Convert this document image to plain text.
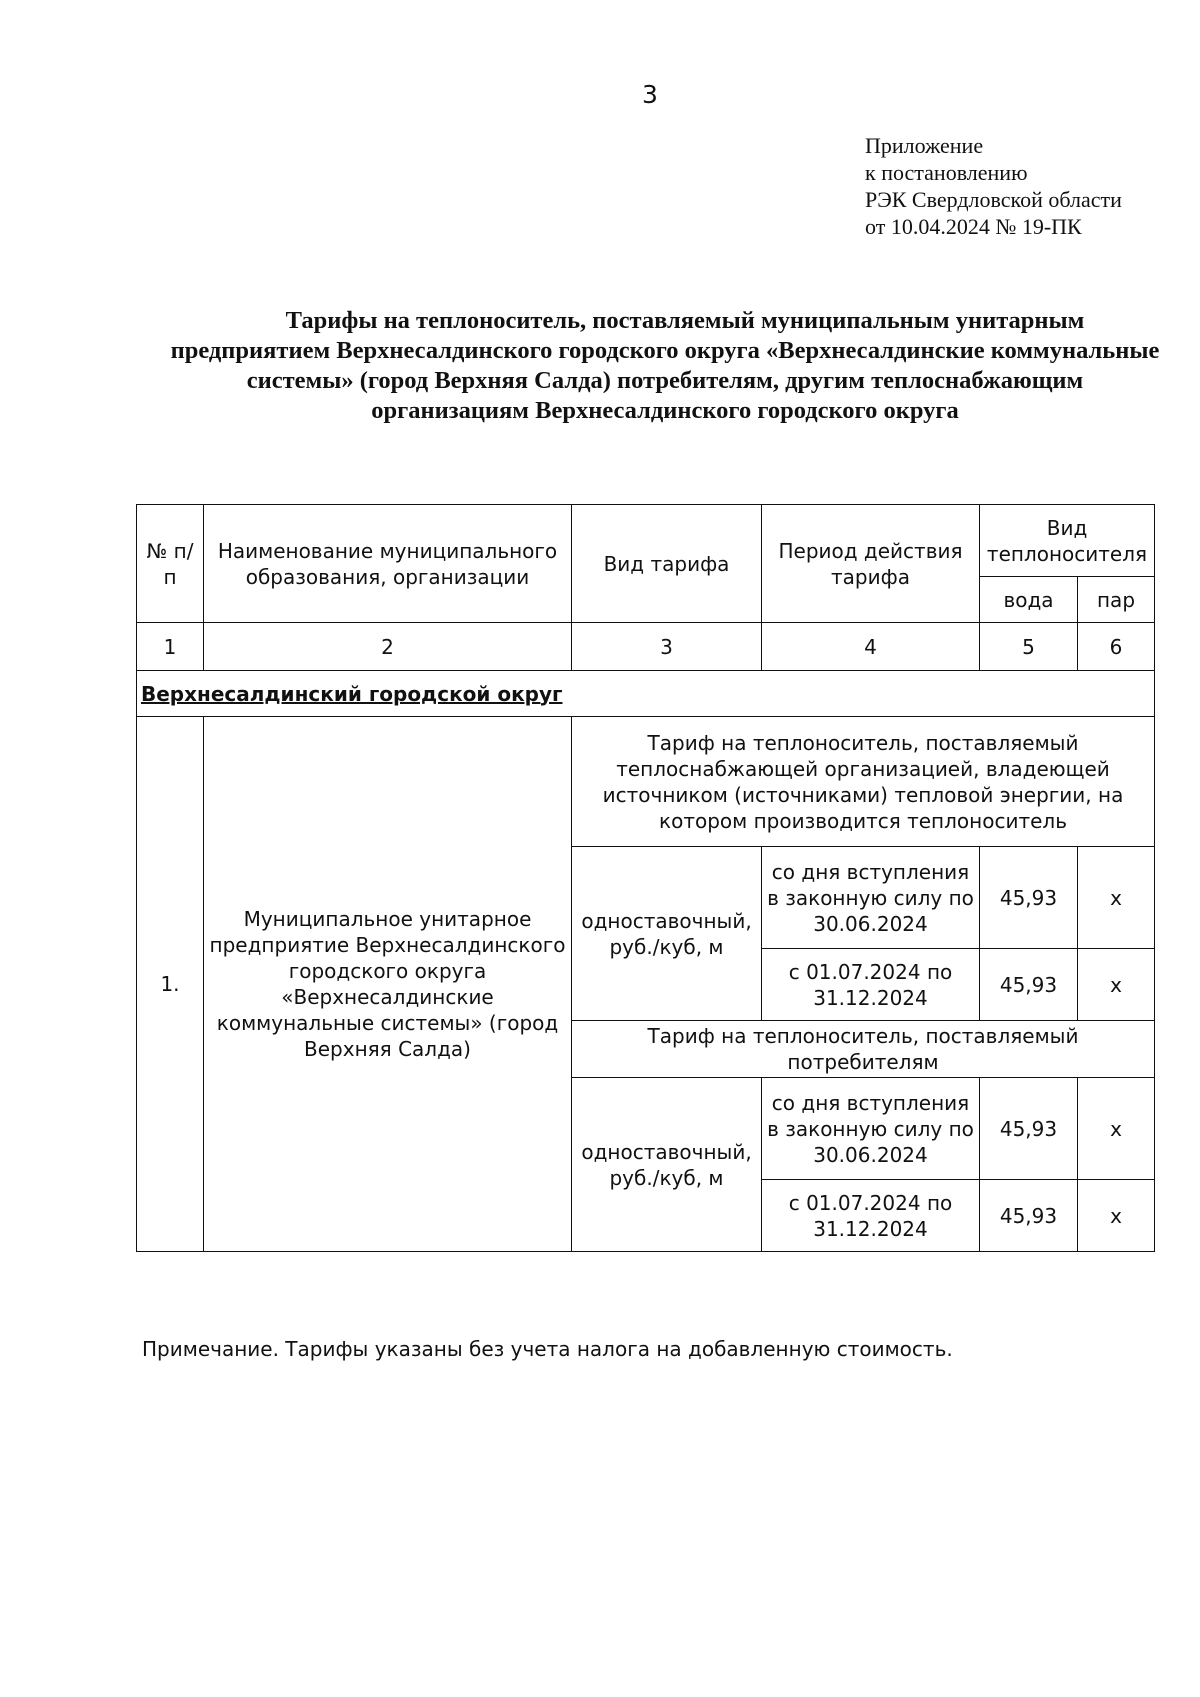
3
Приложение
к постановлению
РЭК Свердловской области
от 10.04.2024 № 19-ПК
Тарифы на теплоноситель, поставляемый муниципальным унитарным предприятием Верхнесалдинского городского округа «Верхнесалдинские коммунальные системы» (город Верхняя Салда) потребителям, другим теплоснабжающим организациям Верхнесалдинского городского округа
№ п/п	Наименование муниципального образования, организации	Вид тарифа	Период действия тарифа	Вид теплоносителя	
				вода	пар
1	2	3	4	5	6
Верхнесалдинский городской округ					
1.	Муниципальное унитарное предприятие Верхнесалдинского городского округа «Верхнесалдинские коммунальные системы» (город Верхняя Салда)	Тариф на теплоноситель, поставляемый теплоснабжающей организацией, владеющей источником (источниками) тепловой энергии, на котором производится теплоноситель			
		одноставочный, руб./куб, м	со дня вступления в законную силу по 30.06.2024	45,93	x
			с 01.07.2024 по 31.12.2024	45,93	x
		Тариф на теплоноситель, поставляемый потребителям			
		одноставочный, руб./куб, м	со дня вступления в законную силу по 30.06.2024	45,93	x
			с 01.07.2024 по 31.12.2024	45,93	x
Примечание. Тарифы указаны без учета налога на добавленную стоимость.
